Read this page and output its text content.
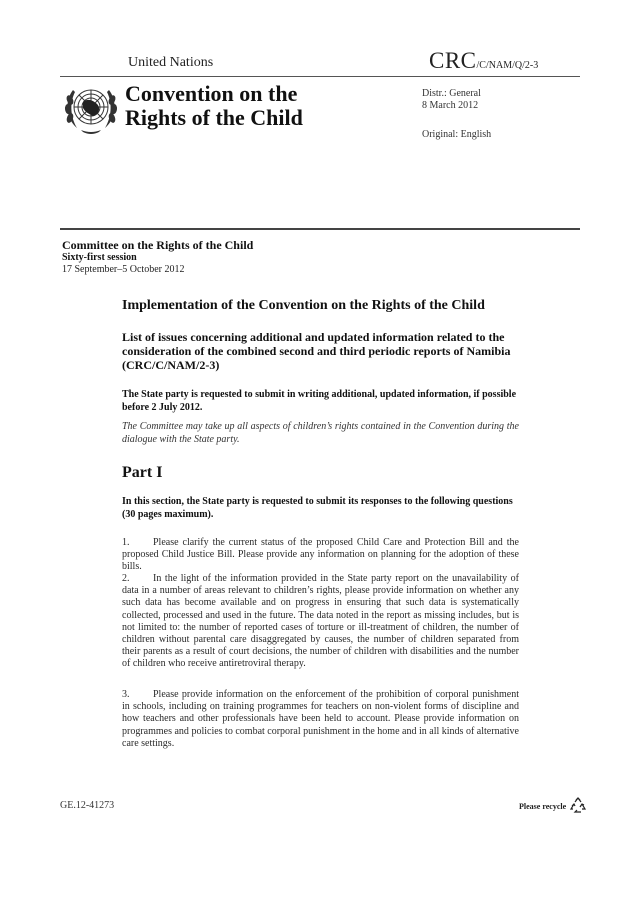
United Nations	CRC/C/NAM/Q/2-3
Convention on the
Rights of the Child
Distr.: General
8 March 2012
Original: English
Committee on the Rights of the Child
Sixty-first session
17 September–5 October 2012
Implementation of the Convention on the Rights of the Child
List of issues concerning additional and updated information related to the consideration of the combined second and third periodic reports of Namibia (CRC/C/NAM/2-3)
The State party is requested to submit in writing additional, updated information, if possible before 2 July 2012.
The Committee may take up all aspects of children’s rights contained in the Convention during the dialogue with the State party.
Part I
In this section, the State party is requested to submit its responses to the following questions (30 pages maximum).
1. Please clarify the current status of the proposed Child Care and Protection Bill and the proposed Child Justice Bill. Please provide any information on planning for the adoption of these bills.
2. In the light of the information provided in the State party report on the unavailability of data in a number of areas relevant to children’s rights, please provide information on whether any such data has become available and on progress in ensuring that such data is systematically collected, processed and used in the future. The data noted in the report as missing includes, but is not limited to: the number of reported cases of torture or ill-treatment of children, the number of children without parental care disaggregated by causes, the number of children separated from their parents as a result of court decisions, the number of children with disabilities and the number of children who receive antiretroviral therapy.
3. Please provide information on the enforcement of the prohibition of corporal punishment in schools, including on training programmes for teachers on non-violent forms of discipline and how teachers and other professionals have been held to account. Please provide information on programmes and policies to combat corporal punishment in the home and in all kinds of alternative care settings.
GE.12-41273	Please recycle
